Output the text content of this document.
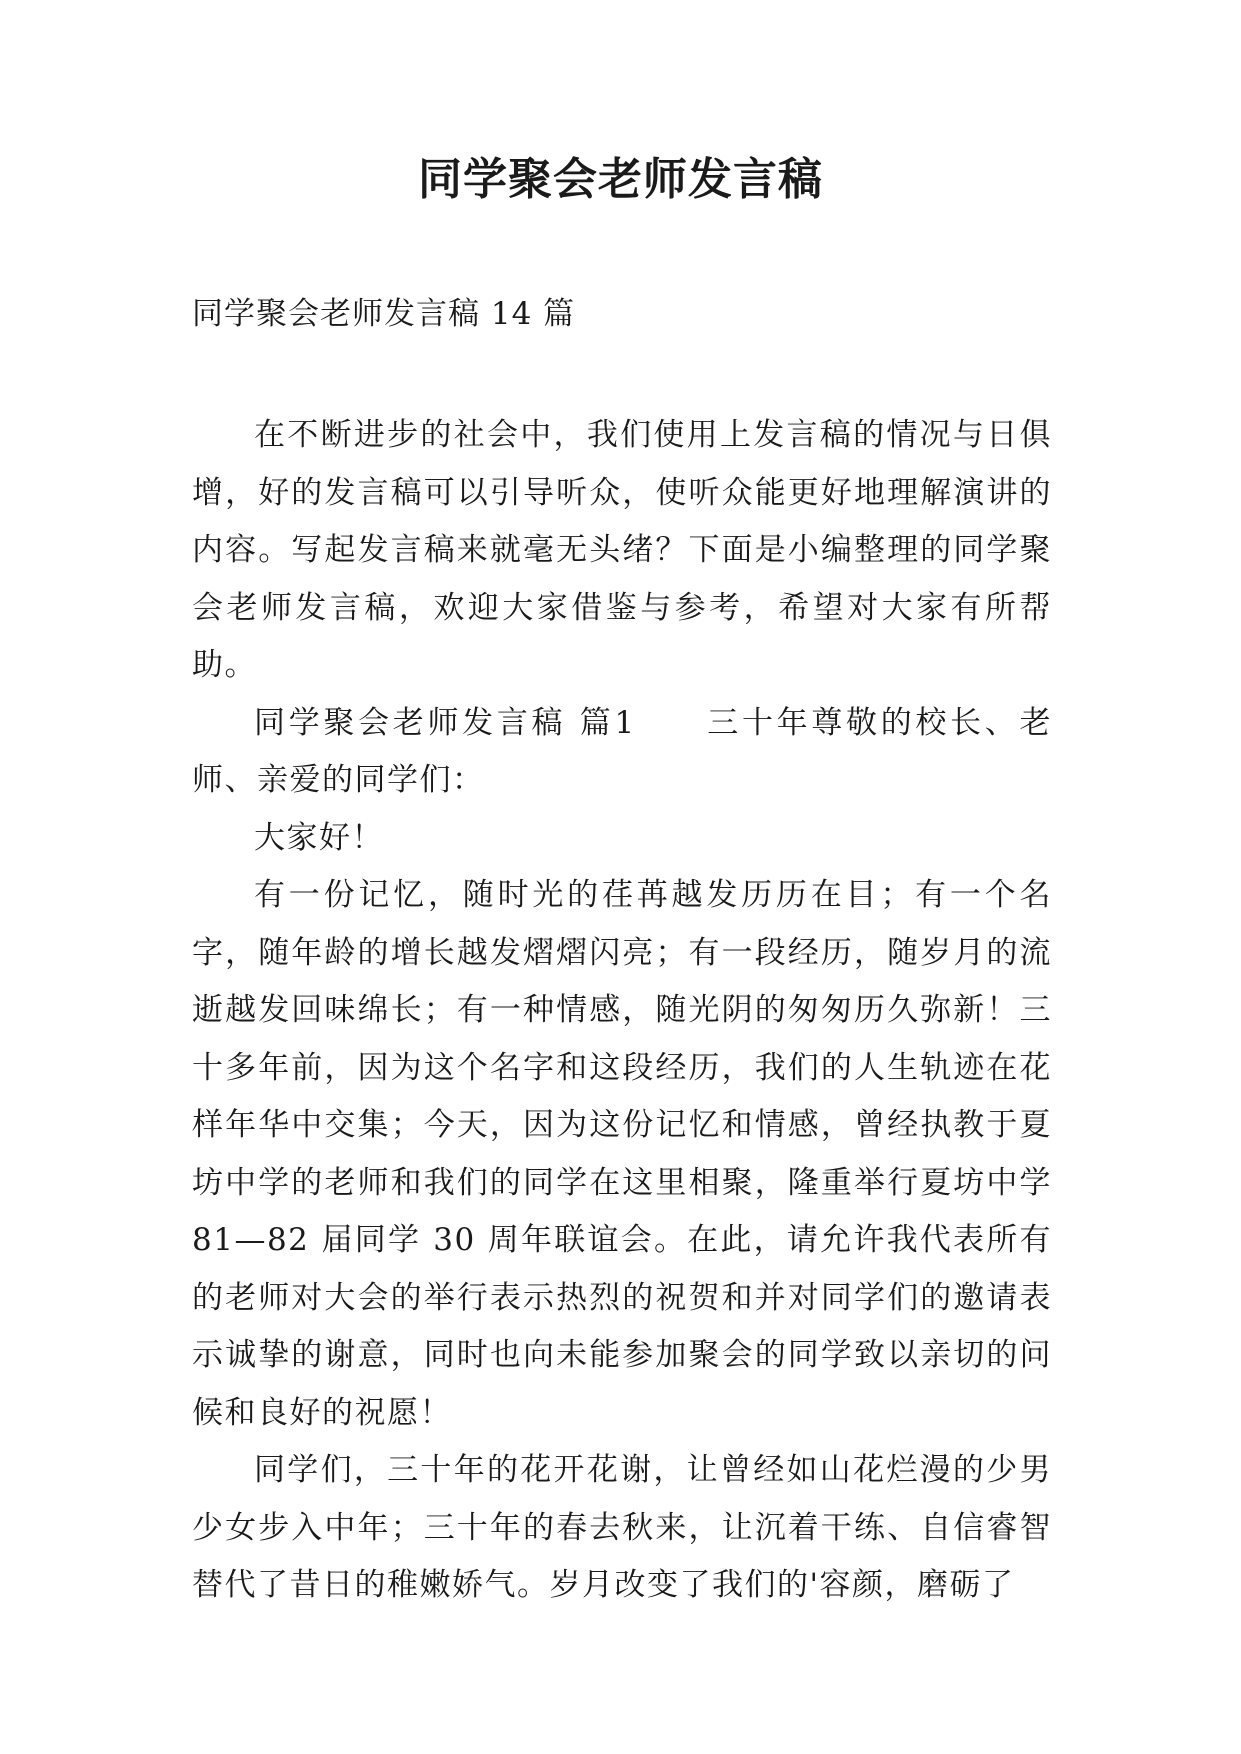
同学聚会老师发言稿
同学聚会老师发言稿 14 篇

在不断进步的社会中，我们使用上发言稿的情况与日俱增，好的发言稿可以引导听众，使听众能更好地理解演讲的内容。写起发言稿来就毫无头绪？下面是小编整理的同学聚会老师发言稿，欢迎大家借鉴与参考，希望对大家有所帮助。

同学聚会老师发言稿 篇1　　三十年尊敬的校长、老师、亲爱的同学们：

大家好！

有一份记忆，随时光的荏苒越发历历在目；有一个名字，随年龄的增长越发熠熠闪亮；有一段经历，随岁月的流逝越发回味绵长；有一种情感，随光阴的匆匆历久弥新！三十多年前，因为这个名字和这段经历，我们的人生轨迹在花样年华中交集；今天，因为这份记忆和情感，曾经执教于夏坊中学的老师和我们的同学在这里相聚，隆重举行夏坊中学81—82 届同学 30 周年联谊会。在此，请允许我代表所有的老师对大会的举行表示热烈的祝贺和并对同学们的邀请表示诚挚的谢意，同时也向未能参加聚会的同学致以亲切的问候和良好的祝愿！

同学们，三十年的花开花谢，让曾经如山花烂漫的少男少女步入中年；三十年的春去秋来，让沉着干练、自信睿智替代了昔日的稚嫩娇气。岁月改变了我们的'容颜，磨砺了
